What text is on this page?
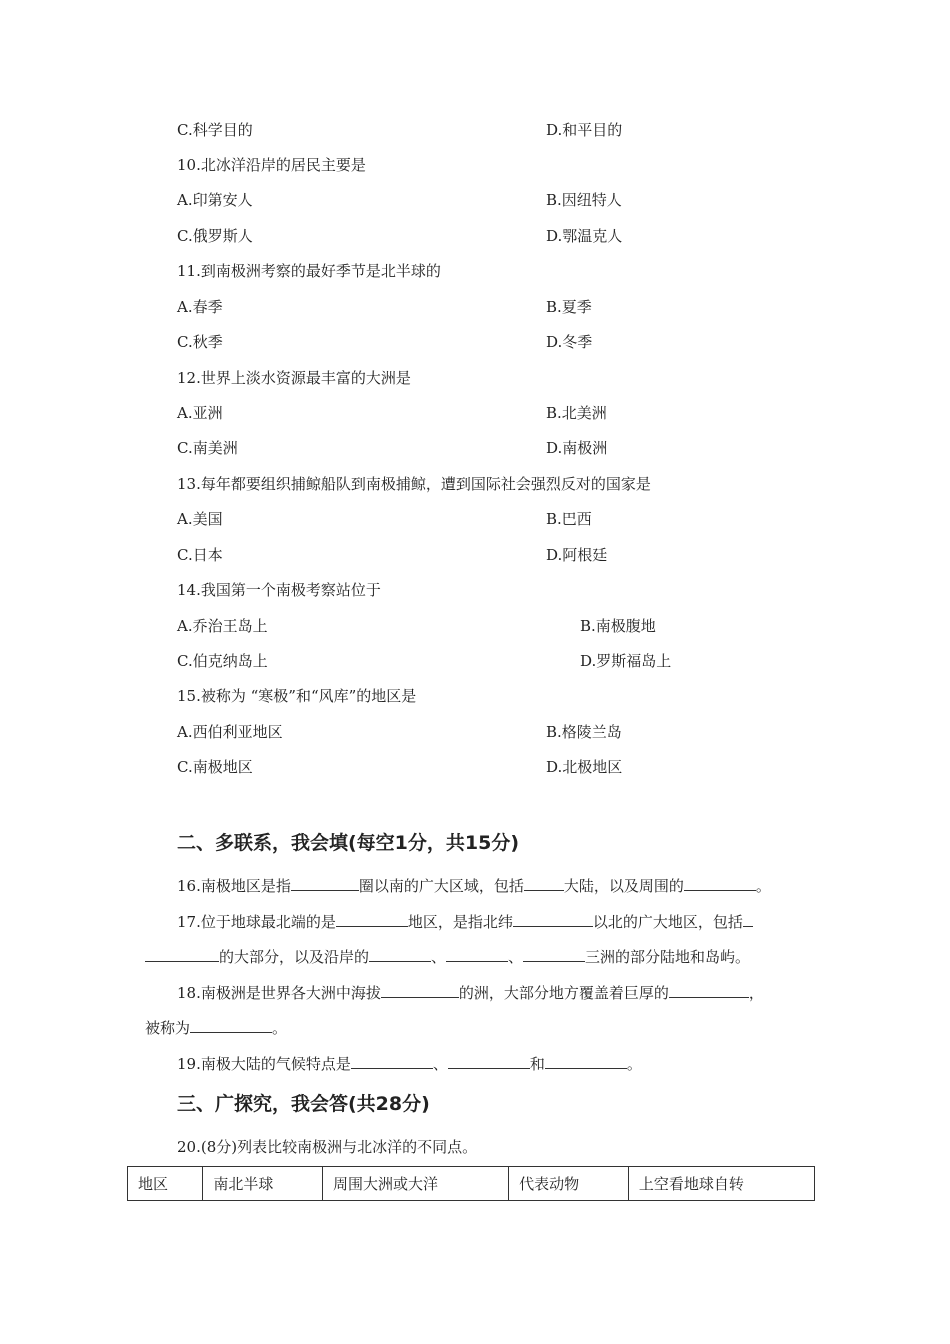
C.科学目的	D.和平目的
10.北冰洋沿岸的居民主要是
A.印第安人	B.因纽特人
C.俄罗斯人	D.鄂温克人
11.到南极洲考察的最好季节是北半球的
A.春季	B.夏季
C.秋季	D.冬季
12.世界上淡水资源最丰富的大洲是
A.亚洲	B.北美洲
C.南美洲	D.南极洲
13.每年都要组织捕鲸船队到南极捕鲸，遭到国际社会强烈反对的国家是
A.美国	B.巴西
C.日本	D.阿根廷
14.我国第一个南极考察站位于
A.乔治王岛上	B.南极腹地
C.伯克纳岛上	D.罗斯福岛上
15.被称为 “寒极”和“风库”的地区是
A.西伯利亚地区	B.格陵兰岛
C.南极地区	D.北极地区
二、多联系，我会填(每空1分，共15分)
16.南极地区是指	圈以南的广大区域，包括	大陆，以及周围的	。
17.位于地球最北端的是	地区，是指北纬	以北的广大地区，包括
的大部分，以及沿岸的	、	、	三洲的部分陆地和岛屿。
18.南极洲是世界各大洲中海拔	的洲，大部分地方覆盖着巨厚的	，
被称为	。
19.南极大陆的气候特点是	、	和	。
三、广探究，我会答(共28分)
20.(8分)列表比较南极洲与北冰洋的不同点。
地区	南北半球	周围大洲或大洋	代表动物	上空看地球自转
